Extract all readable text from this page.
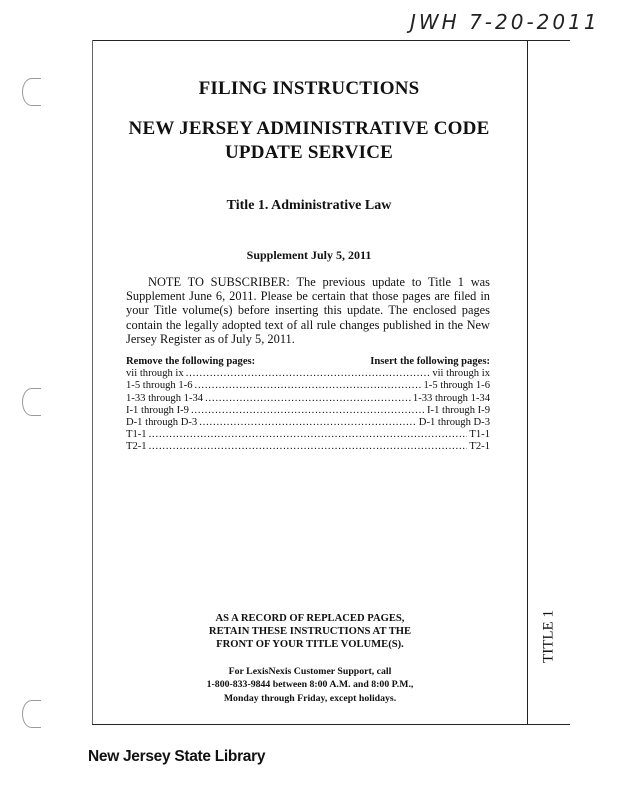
JWH 7-20-2011
FILING INSTRUCTIONS
NEW JERSEY ADMINISTRATIVE CODE
UPDATE SERVICE
Title 1. Administrative Law
Supplement July 5, 2011
NOTE TO SUBSCRIBER: The previous update to Title 1 was Supplement June 6, 2011. Please be certain that those pages are filed in your Title volume(s) before inserting this update. The enclosed pages contain the legally adopted text of all rule changes published in the New Jersey Register as of July 5, 2011.
Remove the following pages:	Insert the following pages:
vii through ix .....	vii through ix
1-5 through 1-6 .....	1-5 through 1-6
1-33 through 1-34 .....	1-33 through 1-34
I-1 through I-9 .....	I-1 through I-9
D-1 through D-3 .....	D-1 through D-3
T1-1 .....	T1-1
T2-1 .....	T2-1
AS A RECORD OF REPLACED PAGES,
RETAIN THESE INSTRUCTIONS AT THE
FRONT OF YOUR TITLE VOLUME(S).
For LexisNexis Customer Support, call
1-800-833-9844 between 8:00 A.M. and 8:00 P.M.,
Monday through Friday, except holidays.
TITLE 1
New Jersey State Library
